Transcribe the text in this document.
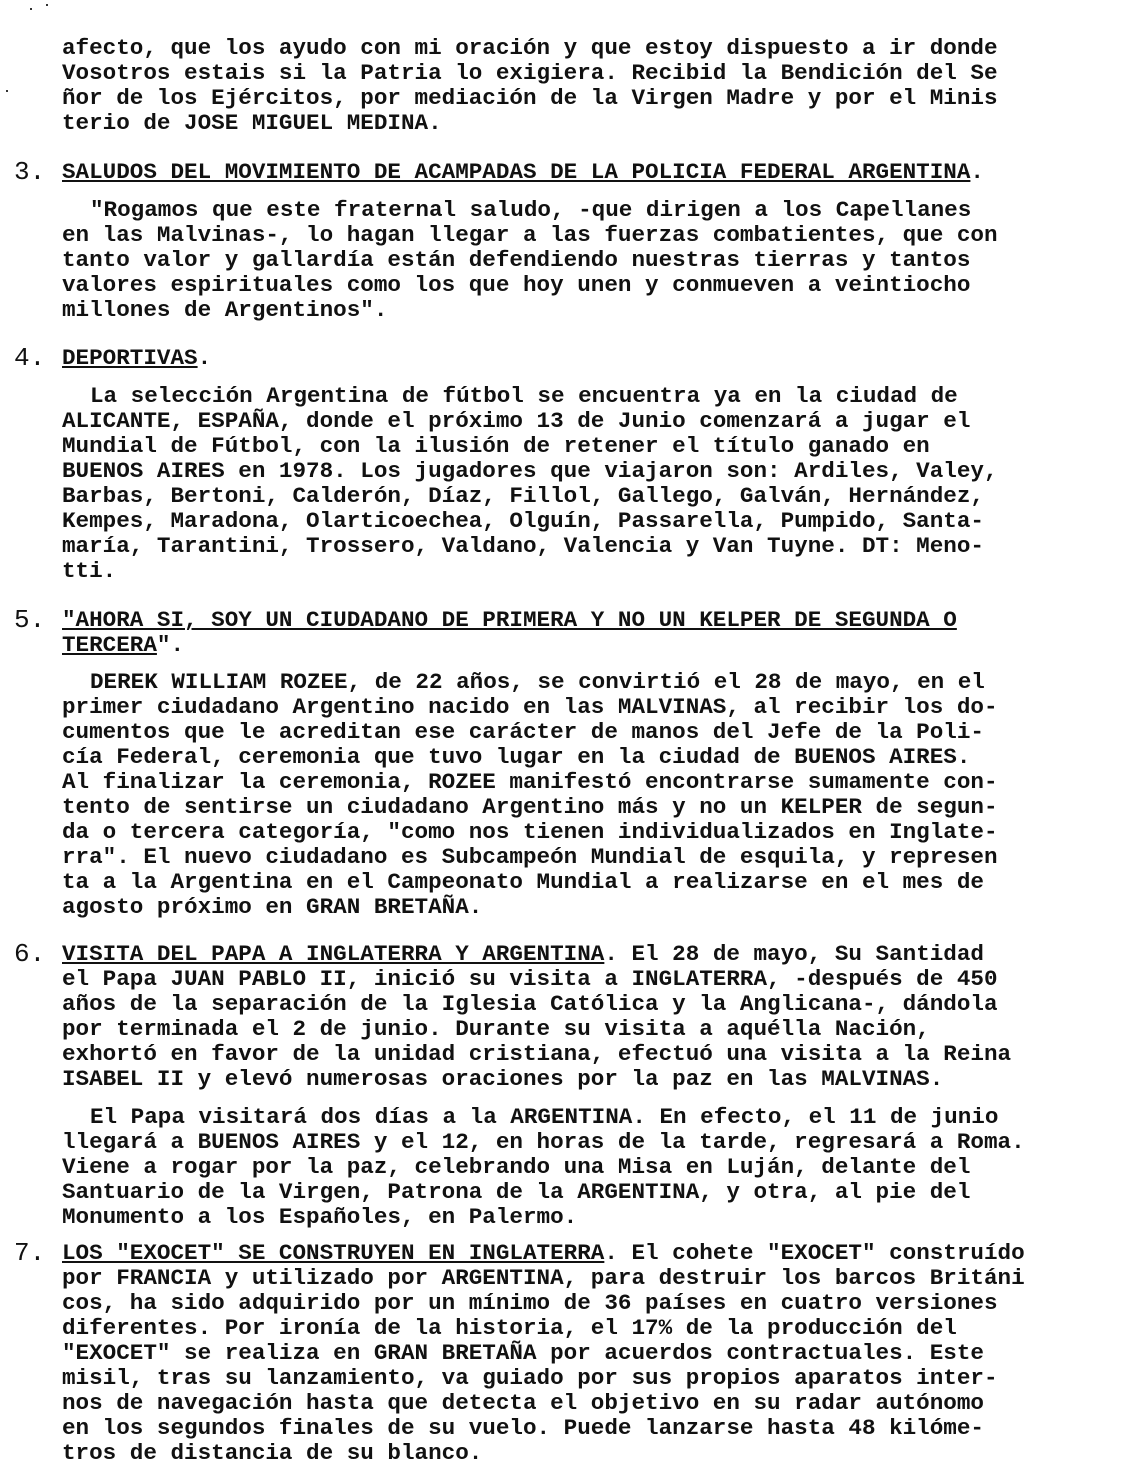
afecto, que los ayudo con mi oración y que estoy dispuesto a ir donde
Vosotros estais si la Patria lo exigiera. Recibid la Bendición del Se
ñor de los Ejércitos, por mediación de la Virgen Madre y por el Minis
terio de JOSE MIGUEL MEDINA.
3. SALUDOS DEL MOVIMIENTO DE ACAMPADAS DE LA POLICIA FEDERAL ARGENTINA.
"Rogamos que este fraternal saludo, -que dirigen a los Capellanes
en las Malvinas-, lo hagan llegar a las fuerzas combatientes, que con
tanto valor y gallardía están defendiendo nuestras tierras y tantos
valores espirituales como los que hoy unen y conmueven a veintiocho
millones de Argentinos".
4. DEPORTIVAS.
La selección Argentina de fútbol se encuentra ya en la ciudad de
ALICANTE, ESPAÑA, donde el próximo 13 de Junio comenzará a jugar el
Mundial de Fútbol, con la ilusión de retener el título ganado en
BUENOS AIRES en 1978. Los jugadores que viajaron son: Ardiles, Valey,
Barbas, Bertoni, Calderón, Díaz, Fillol, Gallego, Galván, Hernández,
Kempes, Maradona, Olarticoechea, Olguín, Passarella, Pumpido, Santa-
maría, Tarantini, Trossero, Valdano, Valencia y Van Tuyne. DT: Meno-
tti.
5. "AHORA SI, SOY UN CIUDADANO DE PRIMERA Y NO UN KELPER DE SEGUNDA O
TERCERA".
DEREK WILLIAM ROZEE, de 22 años, se convirtió el 28 de mayo, en el
primer ciudadano Argentino nacido en las MALVINAS, al recibir los do-
cumentos que le acreditan ese carácter de manos del Jefe de la Poli-
cía Federal, ceremonia que tuvo lugar en la ciudad de BUENOS AIRES.
Al finalizar la ceremonia, ROZEE manifestó encontrarse sumamente con-
tento de sentirse un ciudadano Argentino más y no un KELPER de segun-
da o tercera categoría, "como nos tienen individualizados en Inglate-
rra". El nuevo ciudadano es Subcampeón Mundial de esquila, y represen
ta a la Argentina en el Campeonato Mundial a realizarse en el mes de
agosto próximo en GRAN BRETAÑA.
6. VISITA DEL PAPA A INGLATERRA Y ARGENTINA. El 28 de mayo, Su Santidad
el Papa JUAN PABLO II, inició su visita a INGLATERRA, -después de 450
años de la separación de la Iglesia Católica y la Anglicana-, dándola
por terminada el 2 de junio. Durante su visita a aquélla Nación,
exhortó en favor de la unidad cristiana, efectuó una visita a la Reina
ISABEL II y elevó numerosas oraciones por la paz en las MALVINAS.
El Papa visitará dos días a la ARGENTINA. En efecto, el 11 de junio
llegará a BUENOS AIRES y el 12, en horas de la tarde, regresará a Roma.
Viene a rogar por la paz, celebrando una Misa en Luján, delante del
Santuario de la Virgen, Patrona de la ARGENTINA, y otra, al pie del
Monumento a los Españoles, en Palermo.
7. LOS "EXOCET" SE CONSTRUYEN EN INGLATERRA. El cohete "EXOCET" construído
por FRANCIA y utilizado por ARGENTINA, para destruir los barcos Británi
cos, ha sido adquirido por un mínimo de 36 países en cuatro versiones
diferentes. Por ironía de la historia, el 17% de la producción del
"EXOCET" se realiza en GRAN BRETAÑA por acuerdos contractuales. Este
misil, tras su lanzamiento, va guiado por sus propios aparatos inter-
nos de navegación hasta que detecta el objetivo en su radar autónomo
en los segundos finales de su vuelo. Puede lanzarse hasta 48 kilóme-
tros de distancia de su blanco.
